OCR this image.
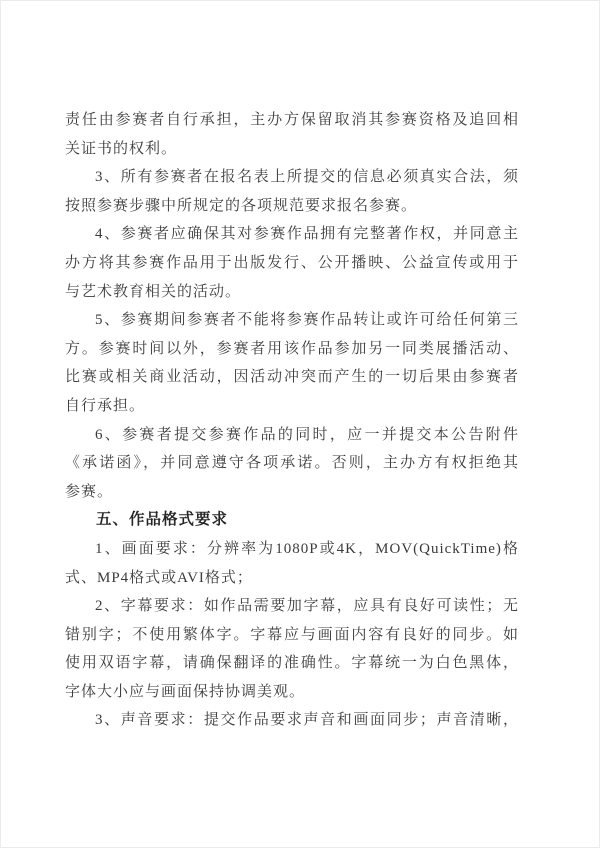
责任由参赛者自行承担，主办方保留取消其参赛资格及追回相
关证书的权利。
3、所有参赛者在报名表上所提交的信息必须真实合法，须
按照参赛步骤中所规定的各项规范要求报名参赛。
4、参赛者应确保其对参赛作品拥有完整著作权，并同意主
办方将其参赛作品用于出版发行、公开播映、公益宣传或用于
与艺术教育相关的活动。
5、参赛期间参赛者不能将参赛作品转让或许可给任何第三
方。参赛时间以外，参赛者用该作品参加另一同类展播活动、
比赛或相关商业活动，因活动冲突而产生的一切后果由参赛者
自行承担。
6、参赛者提交参赛作品的同时，应一并提交本公告附件
《承诺函》，并同意遵守各项承诺。否则，主办方有权拒绝其
参赛。
五、作品格式要求
1、画面要求：分辨率为1080P或4K，MOV(QuickTime)格
式、MP4格式或AVI格式；
2、字幕要求：如作品需要加字幕，应具有良好可读性；无
错别字；不使用繁体字。字幕应与画面内容有良好的同步。如
使用双语字幕，请确保翻译的准确性。字幕统一为白色黑体，
字体大小应与画面保持协调美观。
3、声音要求：提交作品要求声音和画面同步；声音清晰，
